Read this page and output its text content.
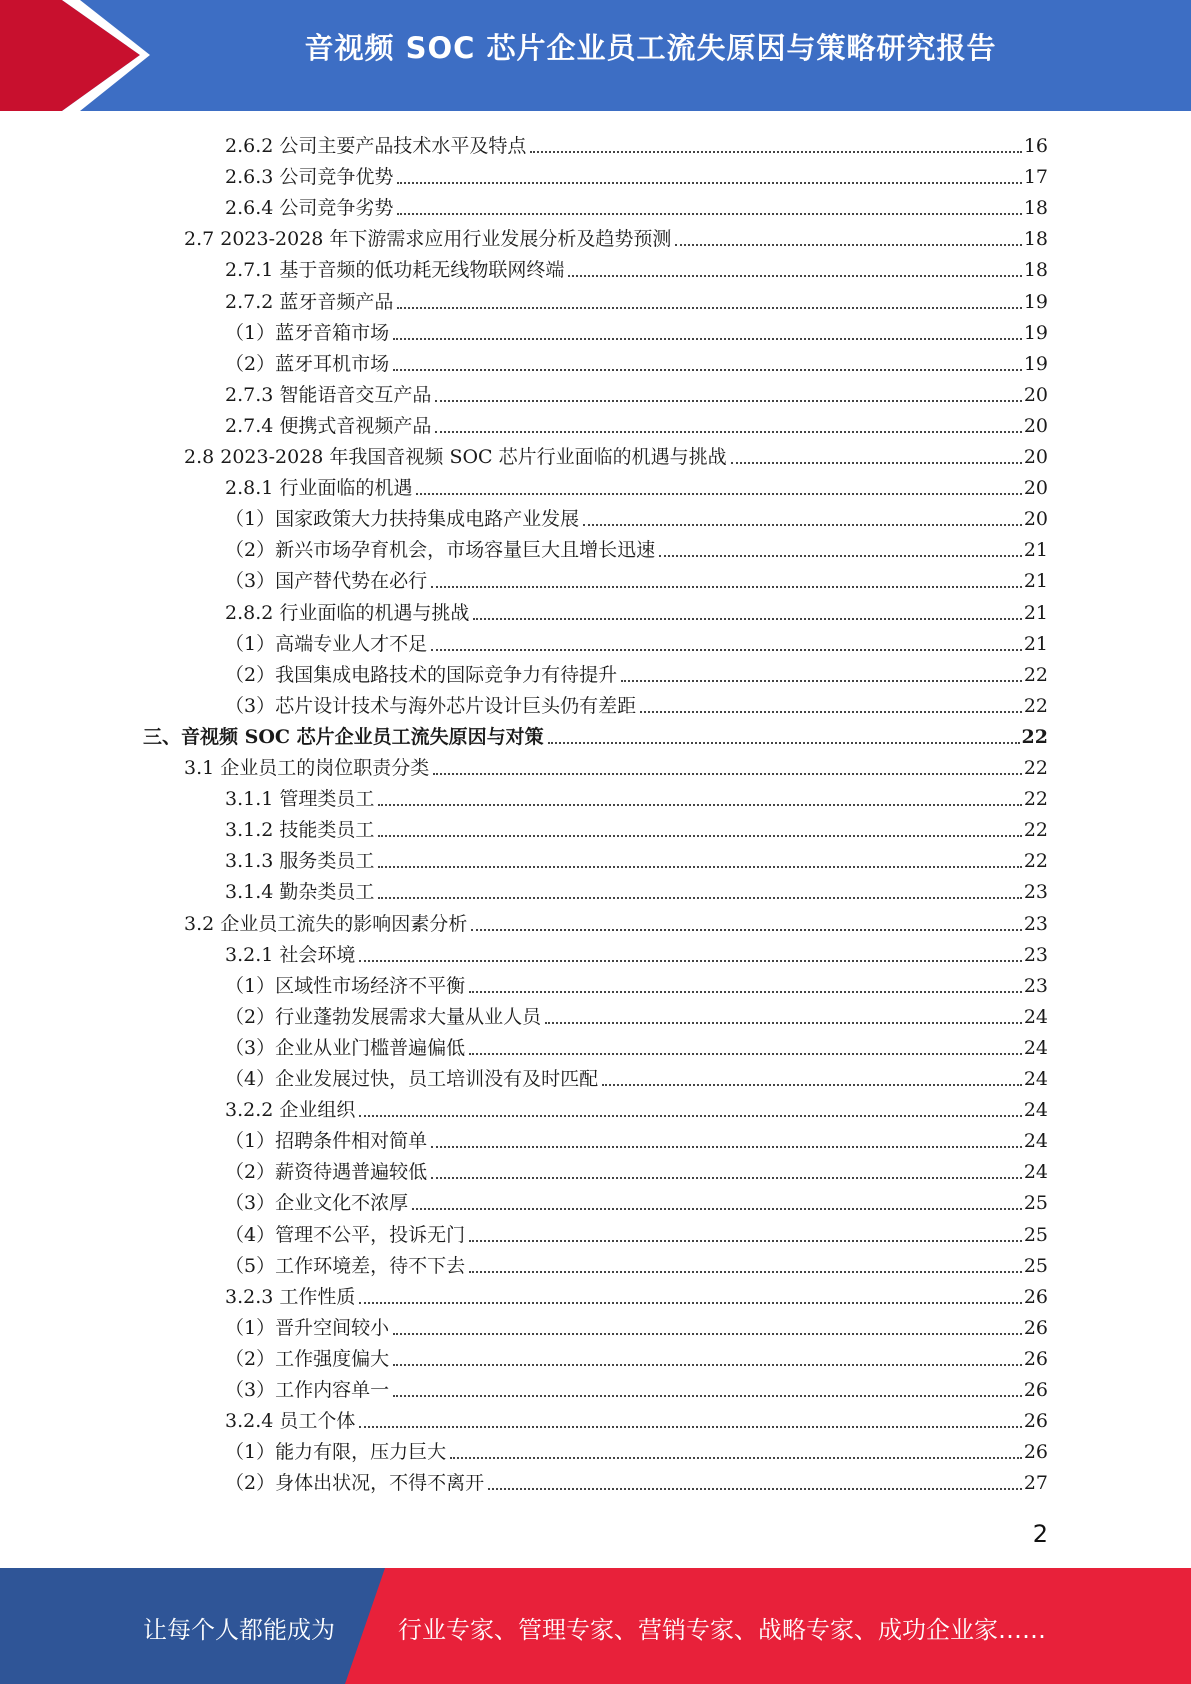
音视频 SOC 芯片企业员工流失原因与策略研究报告
2.6.2 公司主要产品技术水平及特点	16
2.6.3 公司竞争优势	17
2.6.4 公司竞争劣势	18
2.7 2023-2028 年下游需求应用行业发展分析及趋势预测	18
2.7.1 基于音频的低功耗无线物联网终端	18
2.7.2 蓝牙音频产品	19
（1）蓝牙音箱市场	19
（2）蓝牙耳机市场	19
2.7.3 智能语音交互产品	20
2.7.4 便携式音视频产品	20
2.8 2023-2028 年我国音视频 SOC 芯片行业面临的机遇与挑战	20
2.8.1 行业面临的机遇	20
（1）国家政策大力扶持集成电路产业发展	20
（2）新兴市场孕育机会，市场容量巨大且增长迅速	21
（3）国产替代势在必行	21
2.8.2 行业面临的机遇与挑战	21
（1）高端专业人才不足	21
（2）我国集成电路技术的国际竞争力有待提升	22
（3）芯片设计技术与海外芯片设计巨头仍有差距	22
三、音视频 SOC 芯片企业员工流失原因与对策	22
3.1 企业员工的岗位职责分类	22
3.1.1 管理类员工	22
3.1.2 技能类员工	22
3.1.3 服务类员工	22
3.1.4 勤杂类员工	23
3.2 企业员工流失的影响因素分析	23
3.2.1 社会环境	23
（1）区域性市场经济不平衡	23
（2）行业蓬勃发展需求大量从业人员	24
（3）企业从业门槛普遍偏低	24
（4）企业发展过快，员工培训没有及时匹配	24
3.2.2 企业组织	24
（1）招聘条件相对简单	24
（2）薪资待遇普遍较低	24
（3）企业文化不浓厚	25
（4）管理不公平，投诉无门	25
（5）工作环境差，待不下去	25
3.2.3 工作性质	26
（1）晋升空间较小	26
（2）工作强度偏大	26
（3）工作内容单一	26
3.2.4 员工个体	26
（1）能力有限，压力巨大	26
（2）身体出状况，不得不离开	27
2
让每个人都能成为	行业专家、管理专家、营销专家、战略专家、成功企业家……
